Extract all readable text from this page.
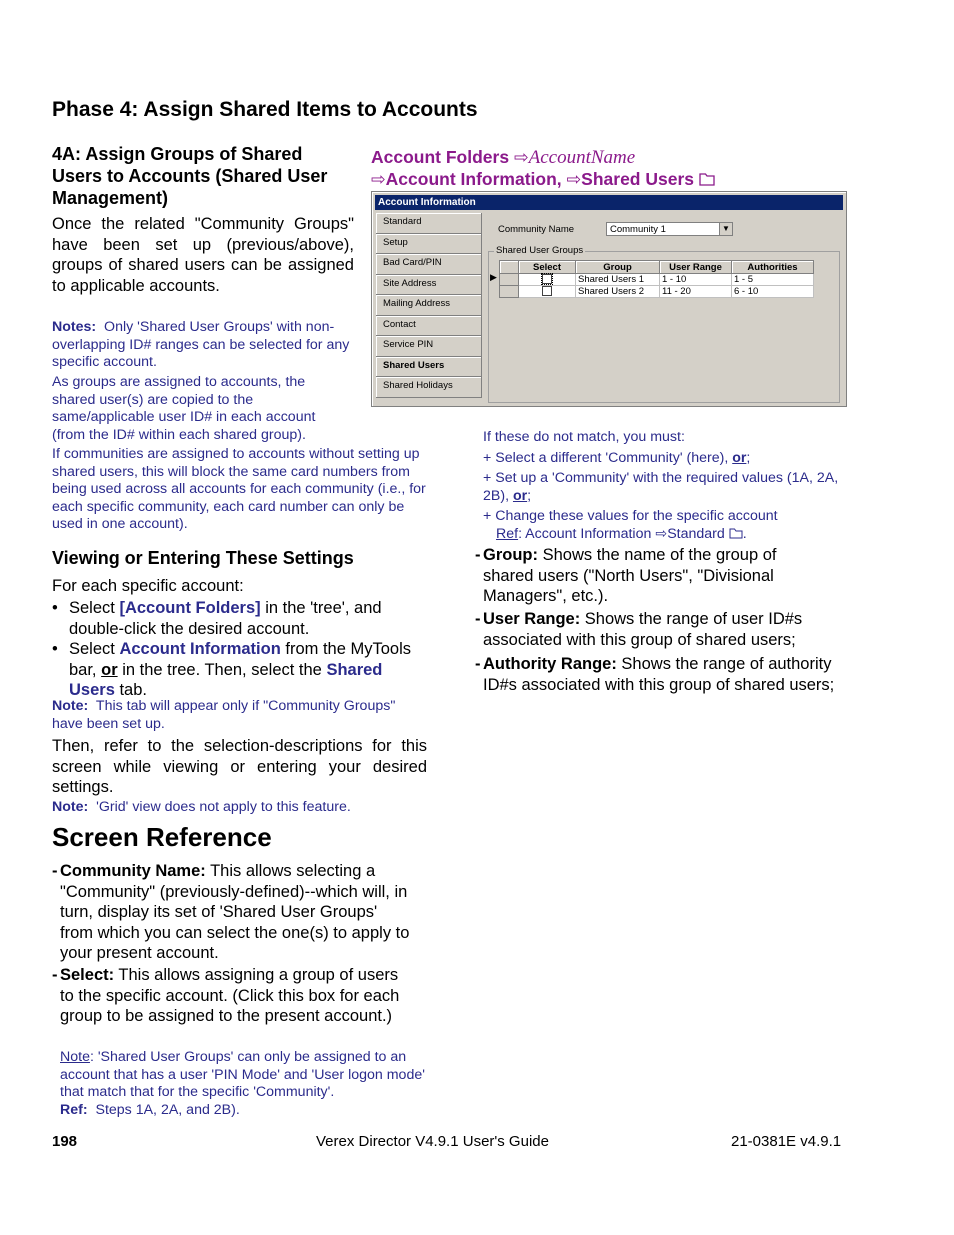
Phase 4: Assign Shared Items to Accounts
4A: Assign Groups of Shared Users to Accounts (Shared User Management)
Once the related "Community Groups" have been set up (previous/above), groups of shared users can be assigned to applicable accounts.
Notes: Only 'Shared User Groups' with non-overlapping ID# ranges can be selected for any specific account.
As groups are assigned to accounts, the shared user(s) are copied to the same/applicable user ID# in each account (from the ID# within each shared group).
If communities are assigned to accounts without setting up shared users, this will block the same card numbers from being used across all accounts for each community (i.e., for each specific community, each card number can only be used in one account).
Viewing or Entering These Settings
For each specific account:
• Select [Account Folders] in the 'tree', and double-click the desired account.
• Select Account Information from the MyTools bar, or in the tree. Then, select the Shared Users tab.
Note: This tab will appear only if "Community Groups" have been set up.
Then, refer to the selection-descriptions for this screen while viewing or entering your desired settings.
Note: 'Grid' view does not apply to this feature.
Screen Reference
- Community Name: This allows selecting a "Community" (previously-defined)--which will, in turn, display its set of 'Shared User Groups' from which you can select the one(s) to apply to your present account.
- Select: This allows assigning a group of users to the specific account. (Click this box for each group to be assigned to the present account.)
Note: 'Shared User Groups' can only be assigned to an account that has a user 'PIN Mode' and 'User logon mode' that match that for the specific 'Community'.
Ref: Steps 1A, 2A, and 2B).
Account Folders ⇨AccountName
⇨Account Information, ⇨Shared Users
Account Information
Standard
Setup
Bad Card/PIN
Site Address
Mailing Address
Contact
Service PIN
Shared Users
Shared Holidays
Community Name	Community 1	▼
Shared User Groups
▶
	Select	Group	User Range	Authorities
		Shared Users 1	1 - 10	1 - 5
		Shared Users 2	11 - 20	6 - 10
If these do not match, you must:
+ Select a different 'Community' (here), or;
+ Set up a 'Community' with the required values (1A, 2A, 2B), or;
+ Change these values for the specific account
Ref: Account Information ⇨Standard .
- Group: Shows the name of the group of shared users ("North Users", "Divisional Managers", etc.).
- User Range: Shows the range of user ID#s associated with this group of shared users;
- Authority Range: Shows the range of authority ID#s associated with this group of shared users;
198	Verex Director V4.9.1 User's Guide	21-0381E v4.9.1
